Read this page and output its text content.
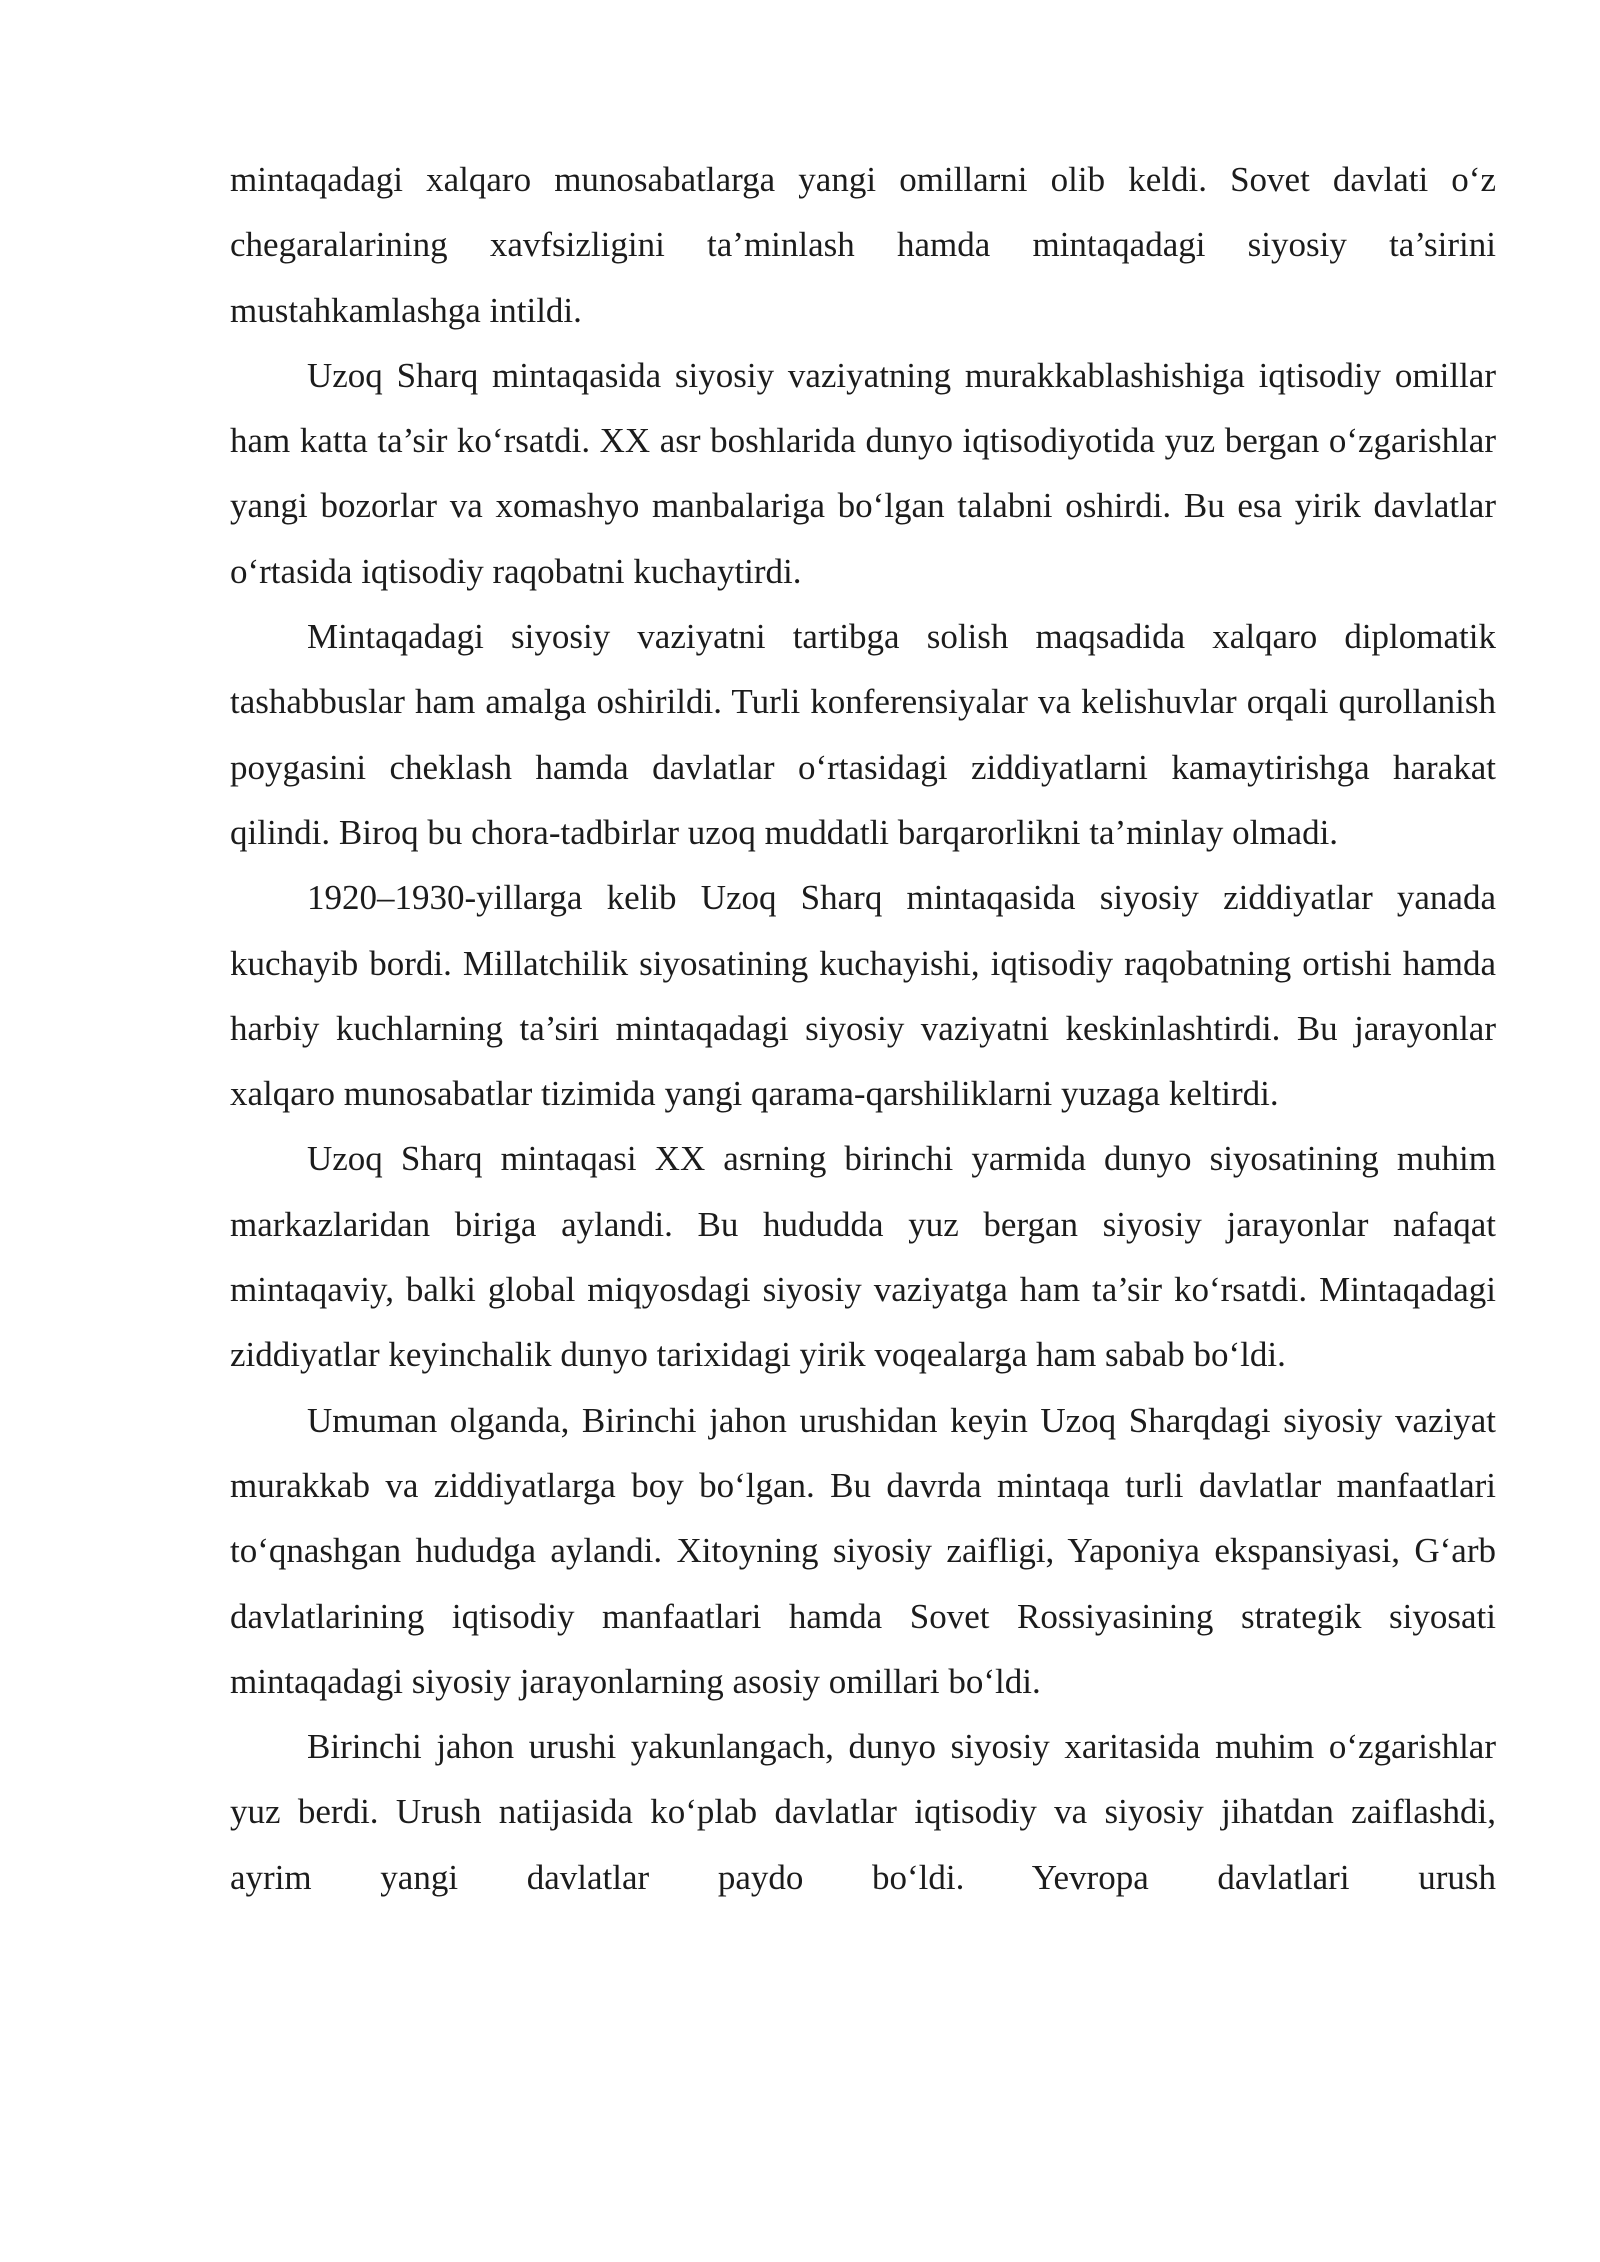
mintaqadagi xalqaro munosabatlarga yangi omillarni olib keldi. Sovet davlati o‘z chegaralarining xavfsizligini ta’minlash hamda mintaqadagi siyosiy ta’sirini mustahkamlashga intildi.

Uzoq Sharq mintaqasida siyosiy vaziyatning murakkablashishiga iqtisodiy omillar ham katta ta’sir ko‘rsatdi. XX asr boshlarida dunyo iqtisodiyotida yuz bergan o‘zgarishlar yangi bozorlar va xomashyo manbalariga bo‘lgan talabni oshirdi. Bu esa yirik davlatlar o‘rtasida iqtisodiy raqobatni kuchaytirdi.

Mintaqadagi siyosiy vaziyatni tartibga solish maqsadida xalqaro diplomatik tashabbuslar ham amalga oshirildi. Turli konferensiyalar va kelishuvlar orqali qurollanish poygasini cheklash hamda davlatlar o‘rtasidagi ziddiyatlarni kamaytirishga harakat qilindi. Biroq bu chora-tadbirlar uzoq muddatli barqarorlikni ta’minlay olmadi.

1920–1930-yillarga kelib Uzoq Sharq mintaqasida siyosiy ziddiyatlar yanada kuchayib bordi. Millatchilik siyosatining kuchayishi, iqtisodiy raqobatning ortishi hamda harbiy kuchlarning ta’siri mintaqadagi siyosiy vaziyatni keskinlashtirdi. Bu jarayonlar xalqaro munosabatlar tizimida yangi qarama-qarshiliklarni yuzaga keltirdi.

Uzoq Sharq mintaqasi XX asrning birinchi yarmida dunyo siyosatining muhim markazlaridan biriga aylandi. Bu hududda yuz bergan siyosiy jarayonlar nafaqat mintaqaviy, balki global miqyosdagi siyosiy vaziyatga ham ta’sir ko‘rsatdi. Mintaqadagi ziddiyatlar keyinchalik dunyo tarixidagi yirik voqealarga ham sabab bo‘ldi.

Umuman olganda, Birinchi jahon urushidan keyin Uzoq Sharqdagi siyosiy vaziyat murakkab va ziddiyatlarga boy bo‘lgan. Bu davrda mintaqa turli davlatlar manfaatlari to‘qnashgan hududga aylandi. Xitoyning siyosiy zaifligi, Yaponiya ekspansiyasi, G‘arb davlatlarining iqtisodiy manfaatlari hamda Sovet Rossiyasining strategik siyosati mintaqadagi siyosiy jarayonlarning asosiy omillari bo‘ldi.

Birinchi jahon urushi yakunlangach, dunyo siyosiy xaritasida muhim o‘zgarishlar yuz berdi. Urush natijasida ko‘plab davlatlar iqtisodiy va siyosiy jihatdan zaiflashdi, ayrim yangi davlatlar paydo bo‘ldi. Yevropa davlatlari urush
